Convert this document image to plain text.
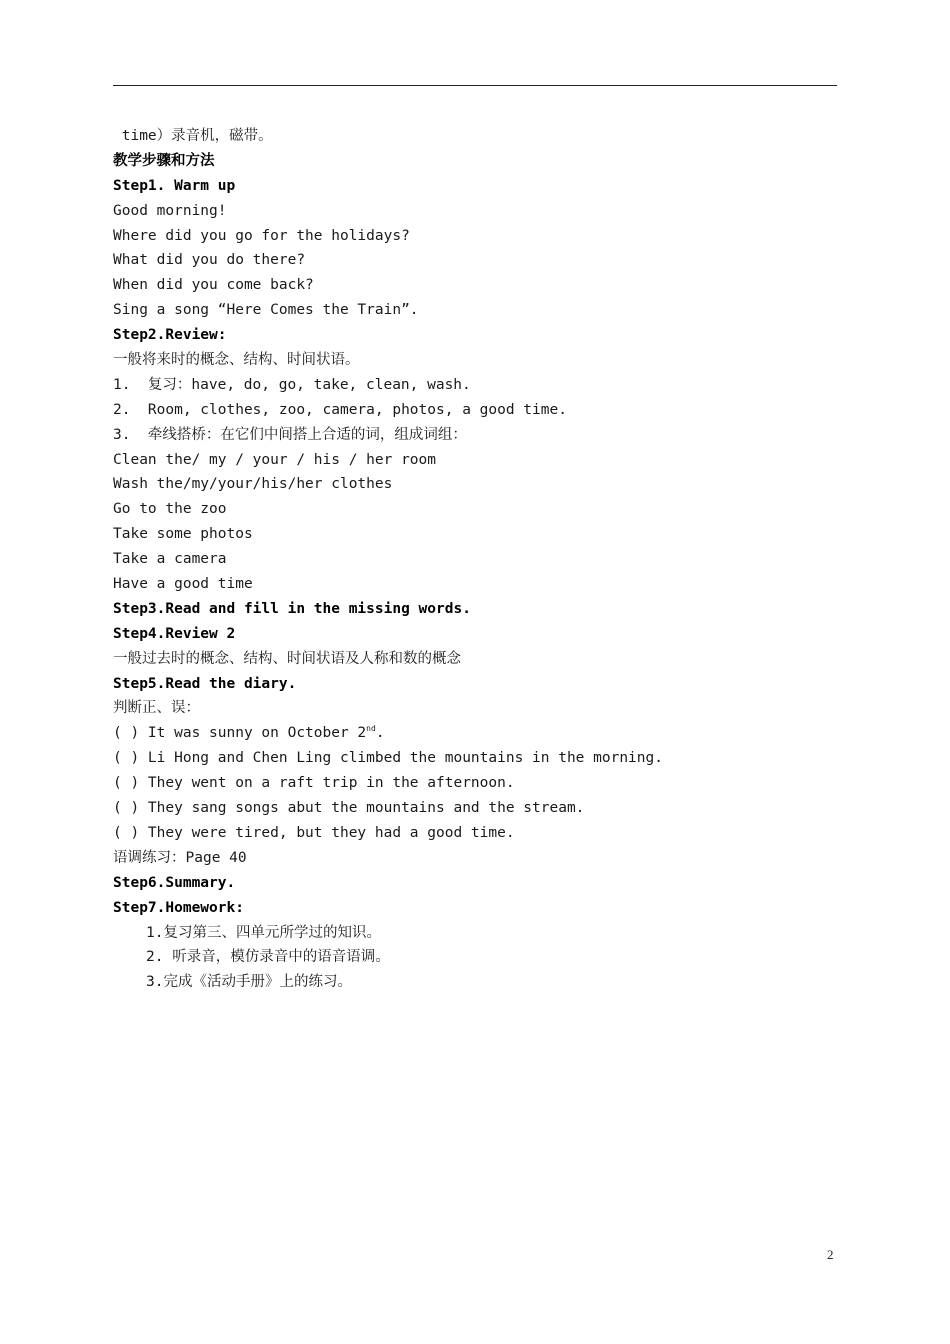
time）录音机，磁带。
教学步骤和方法
Step1. Warm up
Good morning!
Where did you go for the holidays?
What did you do there?
When did you come back?
Sing a song “Here Comes the Train”.
Step2.Review:
一般将来时的概念、结构、时间状语。
1.  复习：have, do, go, take, clean, wash.
2.  Room, clothes, zoo, camera, photos, a good time.
3.  牵线搭桥：在它们中间搭上合适的词，组成词组：
Clean the/ my / your / his / her room
Wash the/my/your/his/her clothes
Go to the zoo
Take some photos
Take a camera
Have a good time
Step3.Read and fill in the missing words.
Step4.Review 2
一般过去时的概念、结构、时间状语及人称和数的概念
Step5.Read the diary.
判断正、误：
( ) It was sunny on October 2nd.
( ) Li Hong and Chen Ling climbed the mountains in the morning.
( ) They went on a raft trip in the afternoon.
( ) They sang songs abut the mountains and the stream.
( ) They were tired, but they had a good time.
语调练习：Page 40
Step6.Summary.
Step7.Homework:
1.复习第三、四单元所学过的知识。
2. 听录音，模仿录音中的语音语调。
3.完成《活动手册》上的练习。
2
